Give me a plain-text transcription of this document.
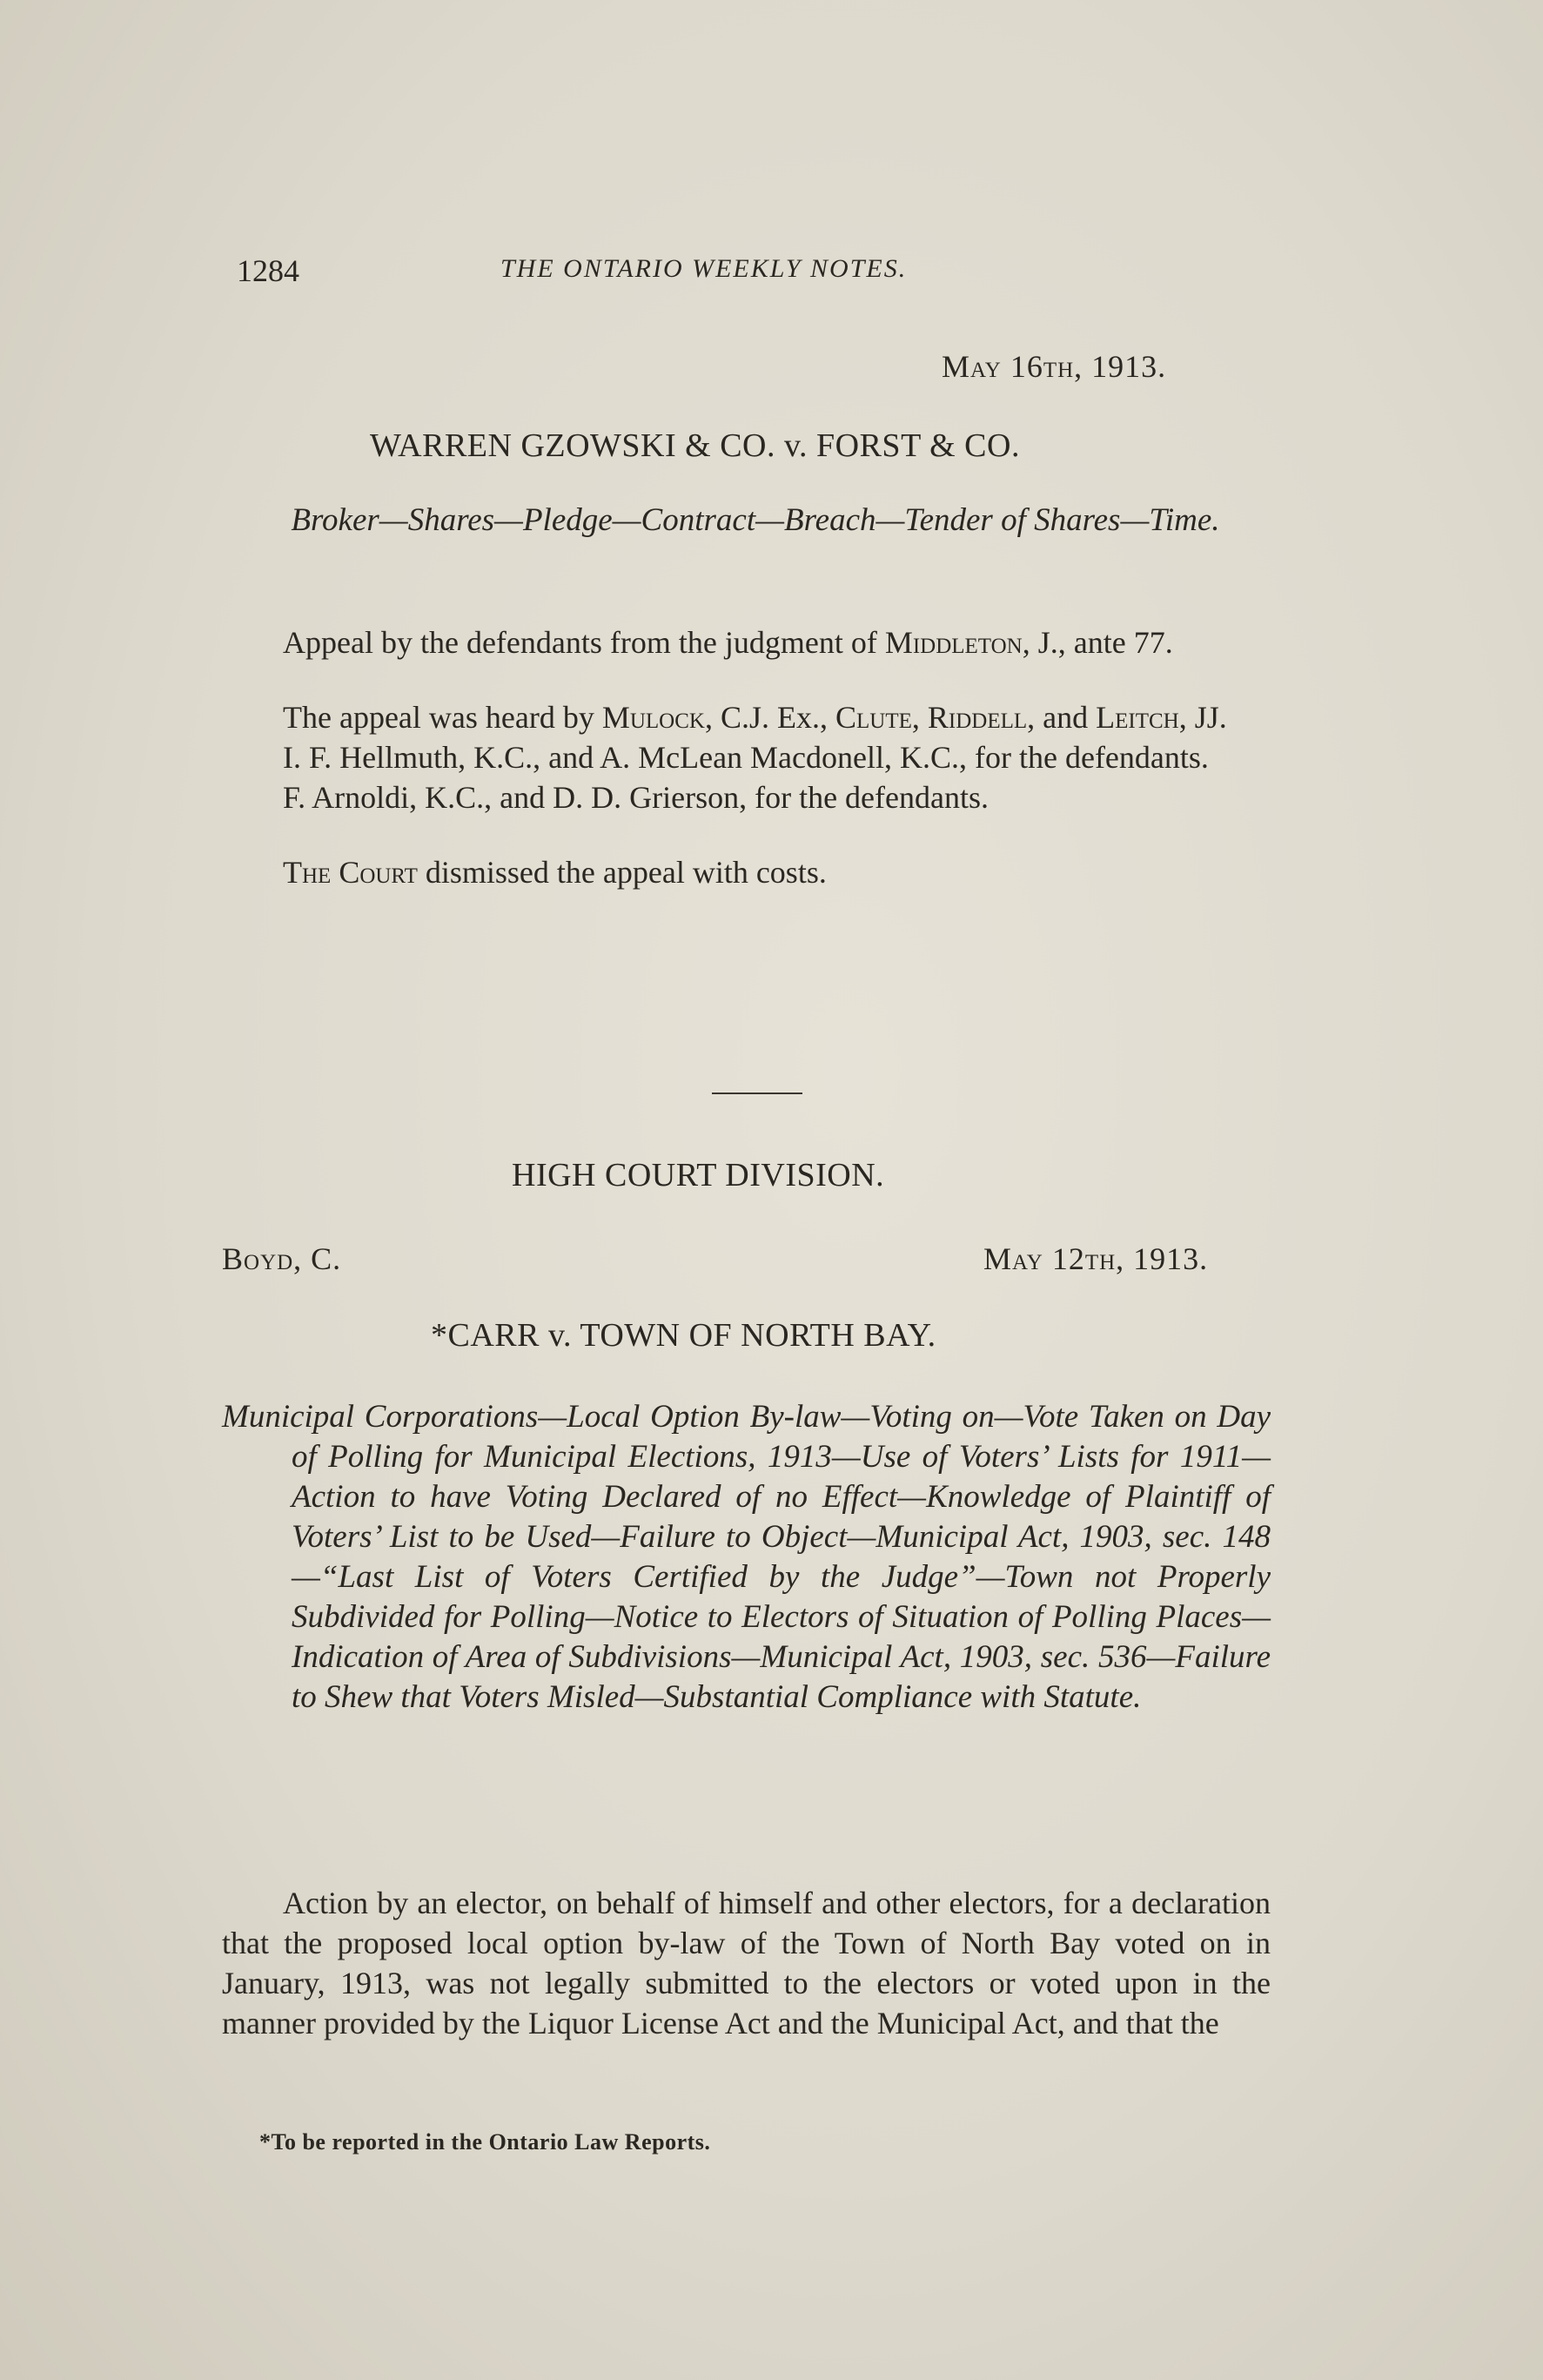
1284	THE ONTARIO WEEKLY NOTES.
May 16th, 1913.
WARREN GZOWSKI & CO. v. FORST & CO.
Broker—Shares—Pledge—Contract—Breach—Tender of Shares—Time.

Appeal by the defendants from the judgment of Middleton, J., ante 77.

The appeal was heard by Mulock, C.J. Ex., Clute, Riddell, and Leitch, JJ.

I. F. Hellmuth, K.C., and A. McLean Macdonell, K.C., for the defendants.

F. Arnoldi, K.C., and D. D. Grierson, for the defendants.

The Court dismissed the appeal with costs.

HIGH COURT DIVISION.
Boyd, C.	May 12th, 1913.
*CARR v. TOWN OF NORTH BAY.

Municipal Corporations—Local Option By-law—Voting on—Vote Taken on Day of Polling for Municipal Elections, 1913—Use of Voters’ Lists for 1911—Action to have Voting Declared of no Effect—Knowledge of Plaintiff of Voters’ List to be Used—Failure to Object—Municipal Act, 1903, sec. 148—“Last List of Voters Certified by the Judge”—Town not Properly Subdivided for Polling—Notice to Electors of Situation of Polling Places—Indication of Area of Subdivisions—Municipal Act, 1903, sec. 536—Failure to Shew that Voters Misled—Substantial Compliance with Statute.

Action by an elector, on behalf of himself and other electors, for a declaration that the proposed local option by-law of the Town of North Bay voted on in January, 1913, was not legally submitted to the electors or voted upon in the manner provided by the Liquor License Act and the Municipal Act, and that the

*To be reported in the Ontario Law Reports.
